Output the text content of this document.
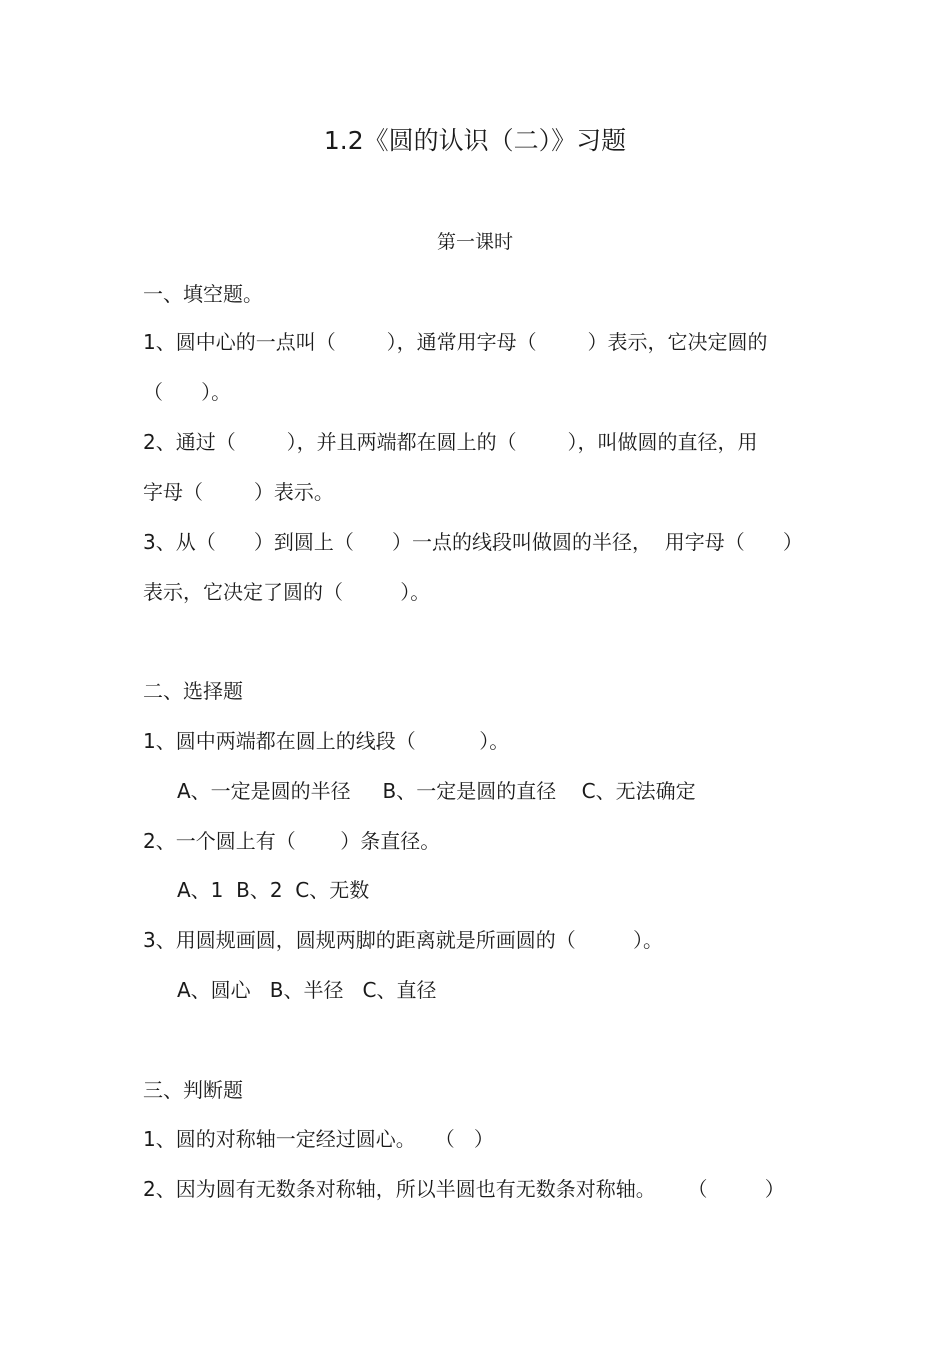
1.2《圆的认识（二）》习题
第一课时
一、填空题。
1、圆中心的一点叫（        ），通常用字母（        ）表示，它决定圆的
（      ）。
2、通过（        ），并且两端都在圆上的（        ），叫做圆的直径，用
字母（        ）表示。
3、从（      ）到圆上（      ）一点的线段叫做圆的半径，  用字母（      ）
表示，它决定了圆的（         ）。
二、选择题
1、圆中两端都在圆上的线段（          ）。
A、一定是圆的半径     B、一定是圆的直径    C、无法确定
2、一个圆上有（       ）条直径。
A、1  B、2  C、无数
3、用圆规画圆，圆规两脚的距离就是所画圆的（         ）。
A、圆心   B、半径   C、直径
三、判断题
1、圆的对称轴一定经过圆心。   （   ）
2、因为圆有无数条对称轴，所以半圆也有无数条对称轴。     （         ）
